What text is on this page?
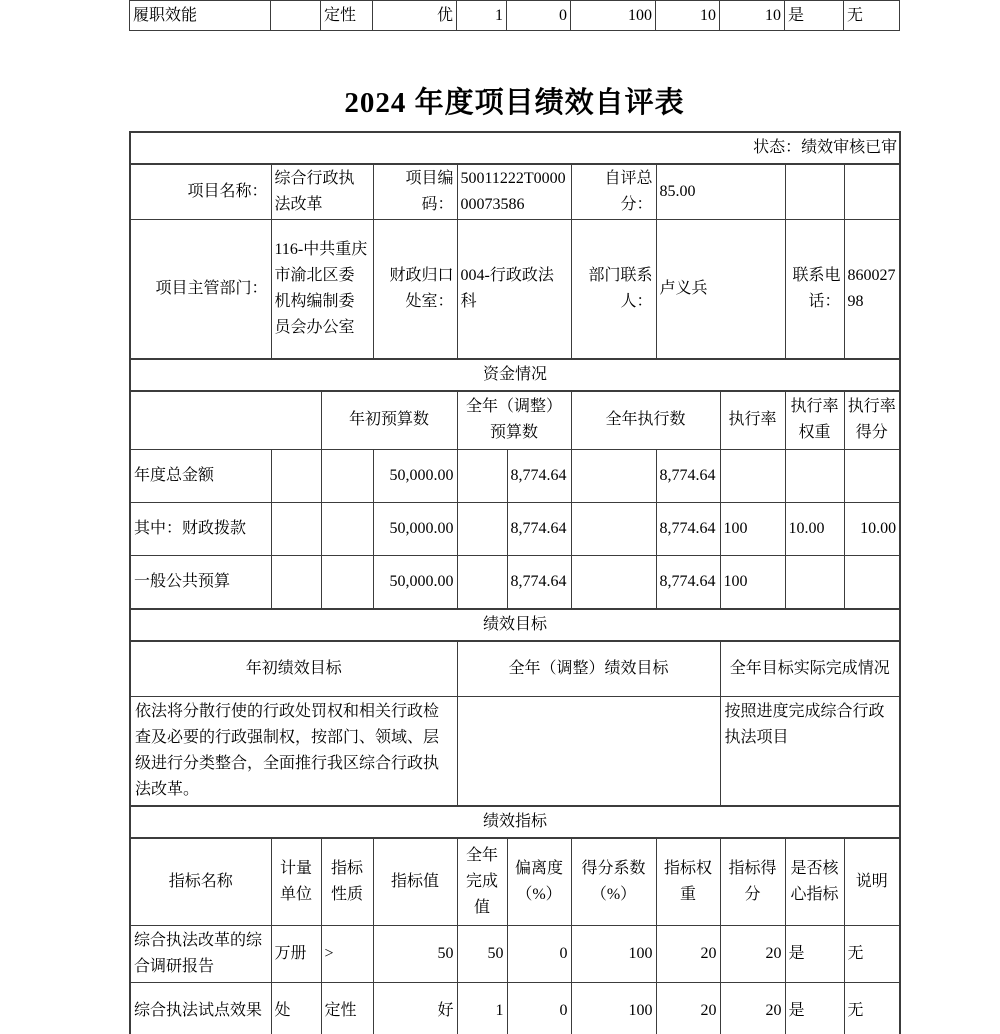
履职效能		定性	优	1	0	100	10	10	是	无
2024 年度项目绩效自评表
状态：绩效审核已审										
项目名称：	综合行政执法改革		项目编码：	50011222T000000073586		自评总分：	85.00			
项目主管部门：	116-中共重庆市渝北区委机构编制委员会办公室		财政归口处室：	004-行政政法科		部门联系人：	卢义兵		联系电话：	86002798
资金情况										
		年初预算数		全年（调整）预算数		全年执行数		执行率	执行率权重	执行率得分
年度总金额			50,000.00		8,774.64		8,774.64			
其中：财政拨款			50,000.00		8,774.64		8,774.64	100	10.00	10.00
一般公共预算			50,000.00		8,774.64		8,774.64	100		
绩效目标										
年初绩效目标				全年（调整）绩效目标				全年目标实际完成情况		
依法将分散行使的行政处罚权和相关行政检查及必要的行政强制权，按部门、领域、层级进行分类整合，全面推行我区综合行政执法改革。								按照进度完成综合行政执法项目		
绩效指标										
指标名称	计量单位	指标性质	指标值	全年完成值	偏离度（%）	得分系数（%）	指标权重	指标得分	是否核心指标	说明
综合执法改革的综合调研报告	万册	>	50	50	0	100	20	20	是	无
综合执法试点效果	处	定性	好	1	0	100	20	20	是	无
